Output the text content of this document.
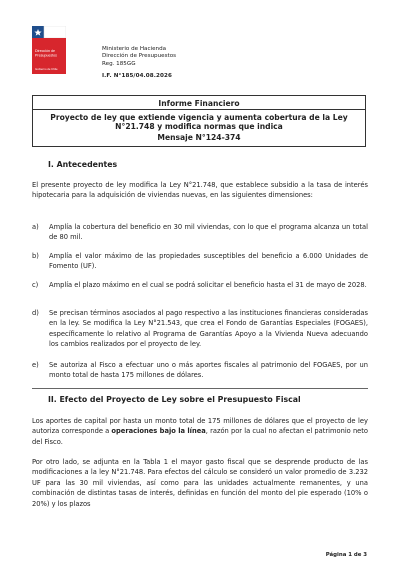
Dirección de
Presupuestos
Gobierno de Chile
Ministerio de Hacienda
Dirección de Presupuestos
Reg. 185GG
I.F. N°185/04.08.2026
Informe Financiero
Proyecto de ley que extiende vigencia y aumenta cobertura de la Ley
N°21.748 y modifica normas que indica
Mensaje N°124-374
I. Antecedentes
El presente proyecto de ley modifica la Ley N°21.748, que establece subsidio a la tasa de interés hipotecaria para la adquisición de viviendas nuevas, en las siguientes dimensiones:
a) Amplía la cobertura del beneficio en 30 mil viviendas, con lo que el programa alcanza un total de 80 mil.
b) Amplía el valor máximo de las propiedades susceptibles del beneficio a 6.000 Unidades de Fomento (UF).
c) Amplía el plazo máximo en el cual se podrá solicitar el beneficio hasta el 31 de mayo de 2028.
d) Se precisan términos asociados al pago respectivo a las instituciones financieras consideradas en la ley. Se modifica la Ley N°21.543, que crea el Fondo de Garantías Especiales (FOGAES), específicamente lo relativo al Programa de Garantías Apoyo a la Vivienda Nueva adecuando los cambios realizados por el proyecto de ley.
e) Se autoriza al Fisco a efectuar uno o más aportes fiscales al patrimonio del FOGAES, por un monto total de hasta 175 millones de dólares.
II. Efecto del Proyecto de Ley sobre el Presupuesto Fiscal
Los aportes de capital por hasta un monto total de 175 millones de dólares que el proyecto de ley autoriza corresponde a operaciones bajo la línea, razón por la cual no afectan el patrimonio neto del Fisco.
Por otro lado, se adjunta en la Tabla 1 el mayor gasto fiscal que se desprende producto de las modificaciones a la ley N°21.748. Para efectos del cálculo se consideró un valor promedio de 3.232 UF para las 30 mil viviendas, así como para las unidades actualmente remanentes, y una combinación de distintas tasas de interés, definidas en función del monto del pie esperado (10% o 20%) y los plazos
Página 1 de 3
